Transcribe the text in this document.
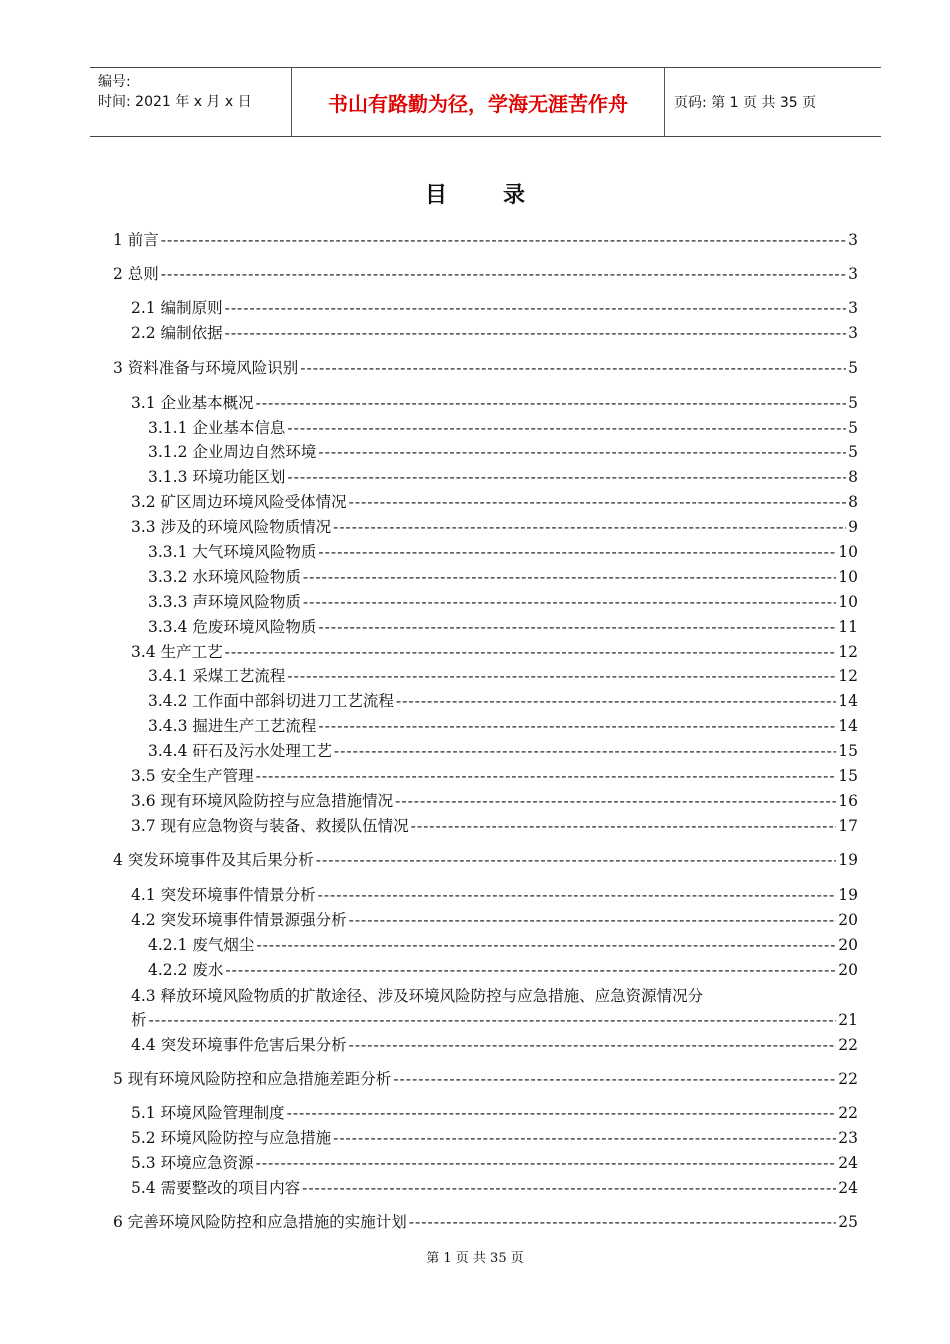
编号:
时间: 2021 年 x 月 x 日	书山有路勤为径，学海无涯苦作舟	页码: 第 1 页 共 35 页
目录
1 前言 -----	3
2 总则 -----	3
2.1 编制原则 -----	3
2.2 编制依据 -----	3
3 资料准备与环境风险识别 -----	5
3.1 企业基本概况 -----	5
3.1.1 企业基本信息 -----	5
3.1.2 企业周边自然环境 -----	5
3.1.3 环境功能区划 -----	8
3.2 矿区周边环境风险受体情况 -----	8
3.3 涉及的环境风险物质情况 -----	9
3.3.1 大气环境风险物质 -----	10
3.3.2 水环境风险物质 -----	10
3.3.3 声环境风险物质 -----	10
3.3.4 危废环境风险物质 -----	11
3.4 生产工艺 -----	12
3.4.1 采煤工艺流程 -----	12
3.4.2 工作面中部斜切进刀工艺流程 -----	14
3.4.3 掘进生产工艺流程 -----	14
3.4.4 矸石及污水处理工艺 -----	15
3.5 安全生产管理 -----	15
3.6 现有环境风险防控与应急措施情况 -----	16
3.7 现有应急物资与装备、救援队伍情况 -----	17
4 突发环境事件及其后果分析 -----	19
4.1 突发环境事件情景分析 -----	19
4.2 突发环境事件情景源强分析 -----	20
4.2.1 废气烟尘 -----	20
4.2.2 废水 -----	20
4.3 释放环境风险物质的扩散途径、涉及环境风险防控与应急措施、应急资源情况分
析 -----	21
4.4 突发环境事件危害后果分析 -----	22
5 现有环境风险防控和应急措施差距分析 -----	22
5.1 环境风险管理制度 -----	22
5.2 环境风险防控与应急措施 -----	23
5.3 环境应急资源 -----	24
5.4 需要整改的项目内容 -----	24
6 完善环境风险防控和应急措施的实施计划 -----	25
第 1 页 共 35 页
